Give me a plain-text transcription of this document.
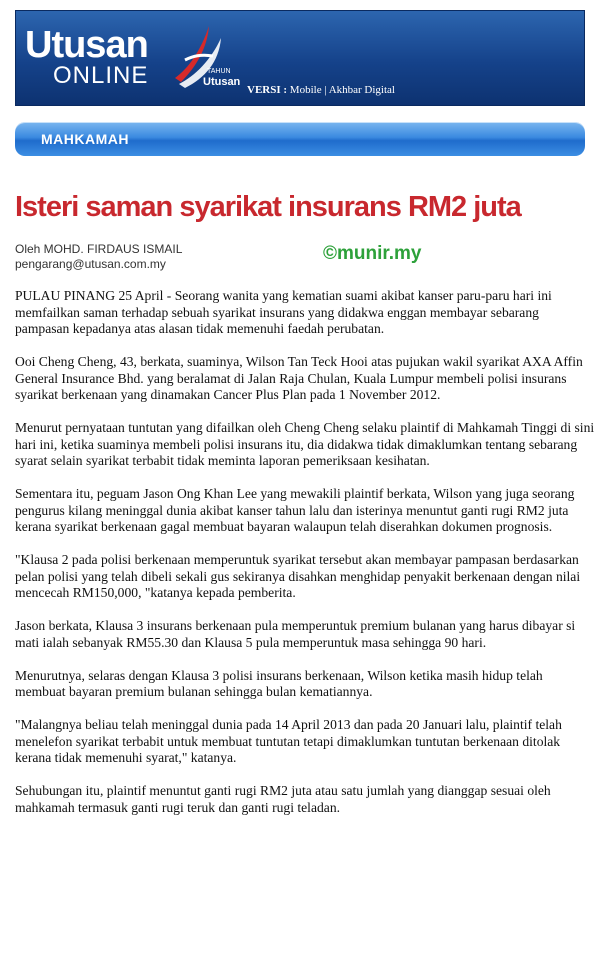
Utusan
ONLINE	TAHUN
Utusan
VERSI : Mobile | Akhbar Digital
MAHKAMAH
Isteri saman syarikat insurans RM2 juta
Oleh MOHD. FIRDAUS ISMAIL
pengarang@utusan.com.my	©munir.my

PULAU PINANG 25 April - Seorang wanita yang kematian suami akibat kanser paru-paru hari ini memfailkan saman terhadap sebuah syarikat insurans yang didakwa enggan membayar sebarang pampasan kepadanya atas alasan tidak memenuhi faedah perubatan.

Ooi Cheng Cheng, 43, berkata, suaminya, Wilson Tan Teck Hooi atas pujukan wakil syarikat AXA Affin General Insurance Bhd. yang beralamat di Jalan Raja Chulan, Kuala Lumpur membeli polisi insurans syarikat berkenaan yang dinamakan Cancer Plus Plan pada 1 November 2012.

Menurut pernyataan tuntutan yang difailkan oleh Cheng Cheng selaku plaintif di Mahkamah Tinggi di sini hari ini, ketika suaminya membeli polisi insurans itu, dia didakwa tidak dimaklumkan tentang sebarang syarat selain syarikat terbabit tidak meminta laporan pemeriksaan kesihatan.

Sementara itu, peguam Jason Ong Khan Lee yang mewakili plaintif berkata, Wilson yang juga seorang pengurus kilang meninggal dunia akibat kanser tahun lalu dan isterinya menuntut ganti rugi RM2 juta kerana syarikat berkenaan gagal membuat bayaran walaupun telah diserahkan dokumen prognosis.

"Klausa 2 pada polisi berkenaan memperuntuk syarikat tersebut akan membayar pampasan berdasarkan pelan polisi yang telah dibeli sekali gus sekiranya disahkan menghidap penyakit berkenaan dengan nilai mencecah RM150,000, "katanya kepada pemberita.

Jason berkata, Klausa 3 insurans berkenaan pula memperuntuk premium bulanan yang harus dibayar si mati ialah sebanyak RM55.30 dan Klausa 5 pula memperuntuk masa sehingga 90 hari.

Menurutnya, selaras dengan Klausa 3 polisi insurans berkenaan, Wilson ketika masih hidup telah membuat bayaran premium bulanan sehingga bulan kematiannya.

"Malangnya beliau telah meninggal dunia pada 14 April 2013 dan pada 20 Januari lalu, plaintif telah menelefon syarikat terbabit untuk membuat tuntutan tetapi dimaklumkan tuntutan berkenaan ditolak kerana tidak memenuhi syarat," katanya.

Sehubungan itu, plaintif menuntut ganti rugi RM2 juta atau satu jumlah yang dianggap sesuai oleh mahkamah termasuk ganti rugi teruk dan ganti rugi teladan.
